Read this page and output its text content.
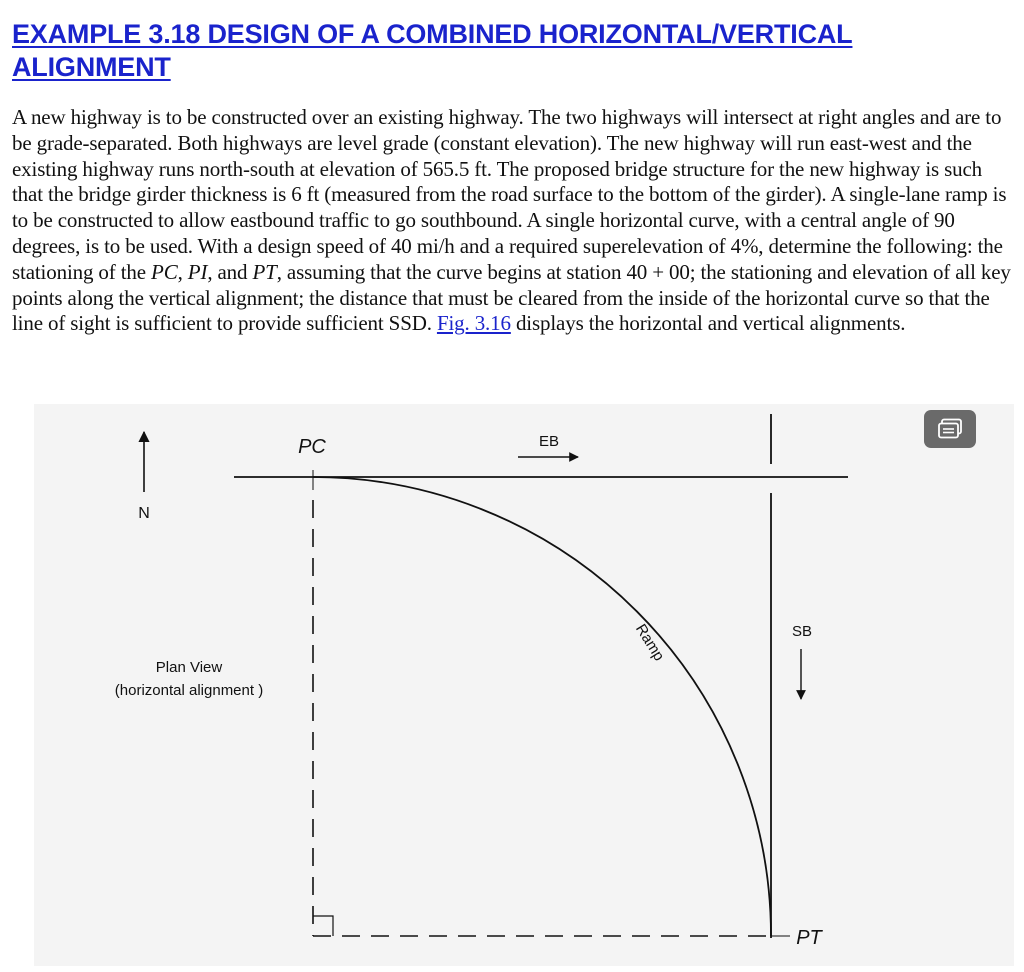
EXAMPLE 3.18 DESIGN OF A COMBINED HORIZONTAL/VERTICAL ALIGNMENT

A new highway is to be constructed over an existing highway. The two highways will intersect at right angles and are to be grade-separated. Both highways are level grade (constant elevation). The new highway will run east-west and the existing highway runs north-south at elevation of 565.5 ft. The proposed bridge structure for the new highway is such that the bridge girder thickness is 6 ft (measured from the road surface to the bottom of the girder). A single-lane ramp is to be constructed to allow eastbound traffic to go southbound. A single horizontal curve, with a central angle of 90 degrees, is to be used. With a design speed of 40 mi/h and a required superelevation of 4%, determine the following: the stationing of the PC, PI, and PT, assuming that the curve begins at station 40 + 00; the stationing and elevation of all key points along the vertical alignment; the distance that must be cleared from the inside of the horizontal curve so that the line of sight is sufficient to provide sufficient SSD. Fig. 3.16 displays the horizontal and vertical alignments.

N
PC	EB
SB
Ramp
PT
Plan View
(horizontal alignment )
